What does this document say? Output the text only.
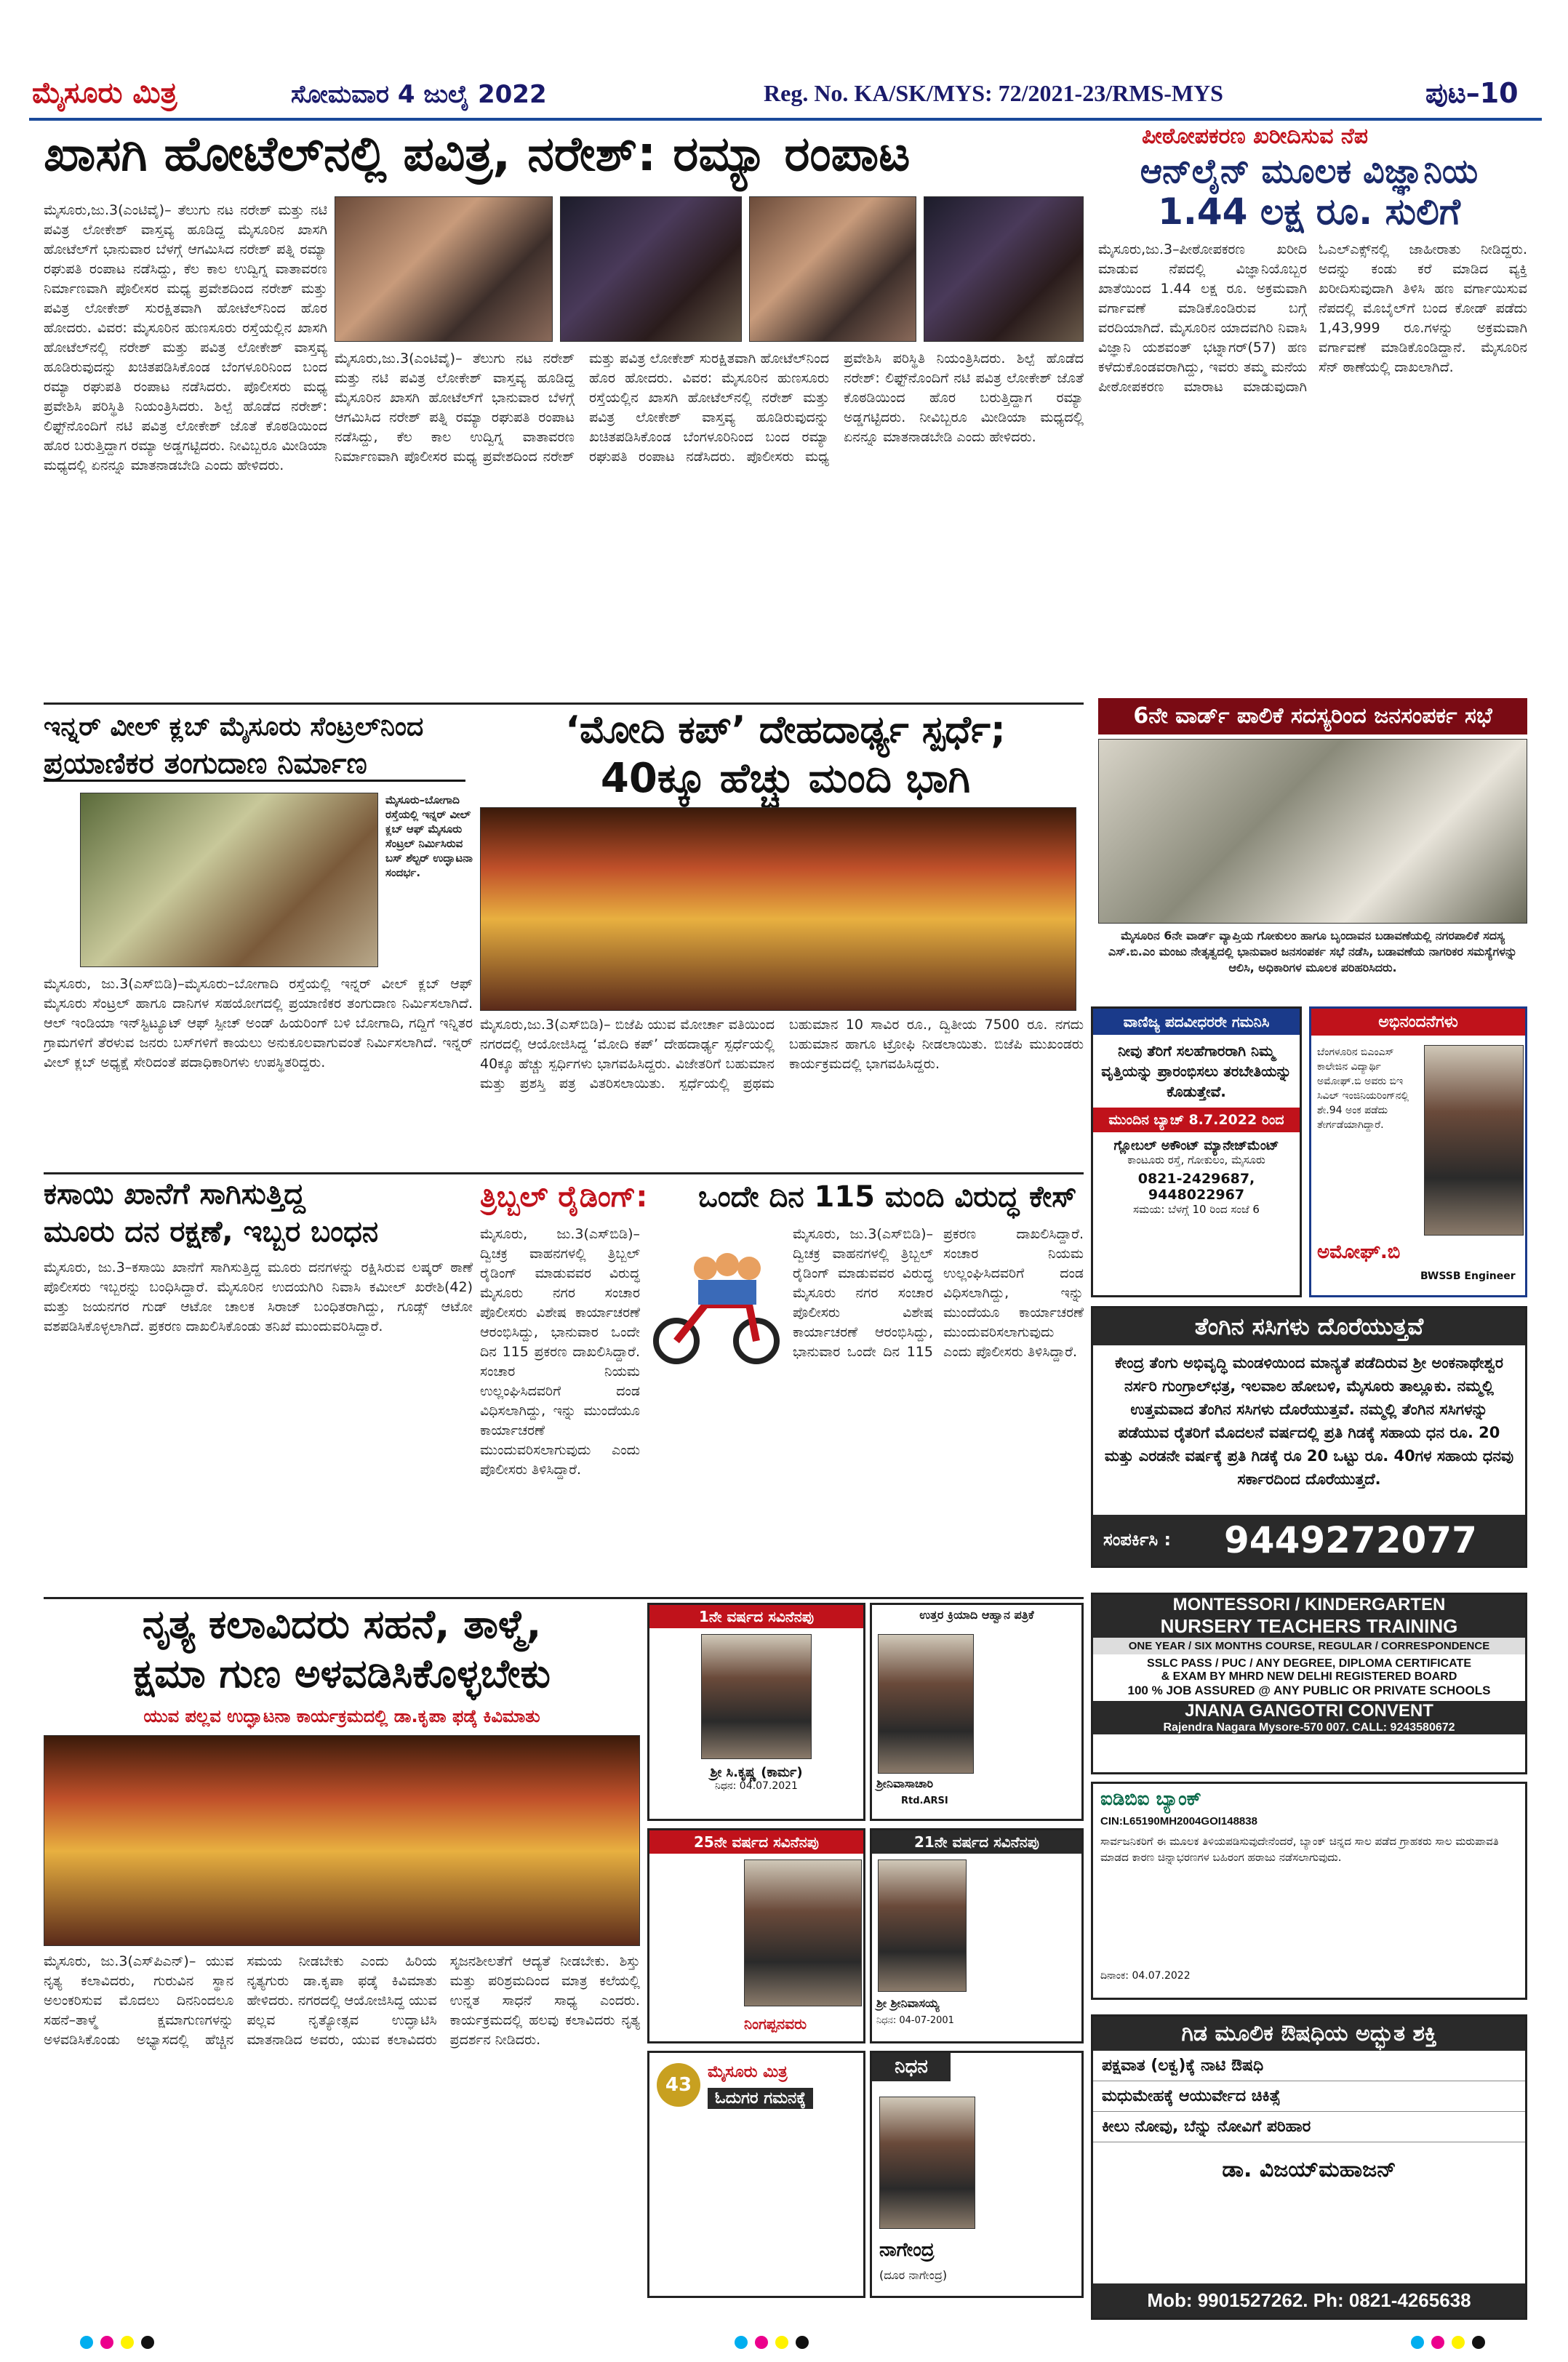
ಮೈಸೂರು ಮಿತ್ರ	ಸೋಮವಾರ 4 ಜುಲೈ 2022	Reg. No. KA/SK/MYS: 72/2021-23/RMS-MYS	ಪುಟ–10
ಖಾಸಗಿ ಹೋಟೆಲ್‌ನಲ್ಲಿ ಪವಿತ್ರ, ನರೇಶ್: ರಮ್ಯಾ ರಂಪಾಟ
ಮೈಸೂರು,ಜು.3(ಎಂಟಿವೈ)– ತೆಲುಗು ನಟ ನರೇಶ್ ಮತ್ತು ನಟಿ ಪವಿತ್ರ ಲೋಕೇಶ್ ವಾಸ್ತವ್ಯ ಹೂಡಿದ್ದ ಮೈಸೂರಿನ ಖಾಸಗಿ ಹೋಟೆಲ್‌ಗೆ ಭಾನುವಾರ ಬೆಳಗ್ಗೆ ಆಗಮಿಸಿದ ನರೇಶ್ ಪತ್ನಿ ರಮ್ಯಾ ರಘುಪತಿ ರಂಪಾಟ ನಡೆಸಿದ್ದು, ಕೆಲ ಕಾಲ ಉದ್ವಿಗ್ನ ವಾತಾವರಣ ನಿರ್ಮಾಣವಾಗಿ ಪೊಲೀಸರ ಮಧ್ಯ ಪ್ರವೇಶದಿಂದ ನರೇಶ್ ಮತ್ತು ಪವಿತ್ರ ಲೋಕೇಶ್ ಸುರಕ್ಷಿತವಾಗಿ ಹೋಟೆಲ್‌ನಿಂದ ಹೊರ ಹೋದರು. ವಿವರ: ಮೈಸೂರಿನ ಹುಣಸೂರು ರಸ್ತೆಯಲ್ಲಿನ ಖಾಸಗಿ ಹೋಟೆಲ್‌ನಲ್ಲಿ ನರೇಶ್ ಮತ್ತು ಪವಿತ್ರ ಲೋಕೇಶ್ ವಾಸ್ತವ್ಯ ಹೂಡಿರುವುದನ್ನು ಖಚಿತಪಡಿಸಿಕೊಂಡ ಬೆಂಗಳೂರಿನಿಂದ ಬಂದ ರಮ್ಯಾ ರಘುಪತಿ ರಂಪಾಟ ನಡೆಸಿದರು. ಪೊಲೀಸರು ಮಧ್ಯ ಪ್ರವೇಶಿಸಿ ಪರಿಸ್ಥಿತಿ ನಿಯಂತ್ರಿಸಿದರು. ಶಿಲ್ಪೆ ಹೊಡೆದ ನರೇಶ್: ಲಿಫ್ಟ್‌ನೊಂದಿಗೆ ನಟಿ ಪವಿತ್ರ ಲೋಕೇಶ್ ಜೊತೆ ಕೊಠಡಿಯಿಂದ ಹೊರ ಬರುತ್ತಿದ್ದಾಗ ರಮ್ಯಾ ಅಡ್ಡಗಟ್ಟಿದರು. ನೀವಿಬ್ಬರೂ ಮೀಡಿಯಾ ಮಧ್ಯದಲ್ಲಿ ಏನನ್ನೂ ಮಾತನಾಡಬೇಡಿ ಎಂದು ಹೇಳಿದರು.
ಮೈಸೂರು,ಜು.3(ಎಂಟಿವೈ)– ತೆಲುಗು ನಟ ನರೇಶ್ ಮತ್ತು ನಟಿ ಪವಿತ್ರ ಲೋಕೇಶ್ ವಾಸ್ತವ್ಯ ಹೂಡಿದ್ದ ಮೈಸೂರಿನ ಖಾಸಗಿ ಹೋಟೆಲ್‌ಗೆ ಭಾನುವಾರ ಬೆಳಗ್ಗೆ ಆಗಮಿಸಿದ ನರೇಶ್ ಪತ್ನಿ ರಮ್ಯಾ ರಘುಪತಿ ರಂಪಾಟ ನಡೆಸಿದ್ದು, ಕೆಲ ಕಾಲ ಉದ್ವಿಗ್ನ ವಾತಾವರಣ ನಿರ್ಮಾಣವಾಗಿ ಪೊಲೀಸರ ಮಧ್ಯ ಪ್ರವೇಶದಿಂದ ನರೇಶ್ ಮತ್ತು ಪವಿತ್ರ ಲೋಕೇಶ್ ಸುರಕ್ಷಿತವಾಗಿ ಹೋಟೆಲ್‌ನಿಂದ ಹೊರ ಹೋದರು. ವಿವರ: ಮೈಸೂರಿನ ಹುಣಸೂರು ರಸ್ತೆಯಲ್ಲಿನ ಖಾಸಗಿ ಹೋಟೆಲ್‌ನಲ್ಲಿ ನರೇಶ್ ಮತ್ತು ಪವಿತ್ರ ಲೋಕೇಶ್ ವಾಸ್ತವ್ಯ ಹೂಡಿರುವುದನ್ನು ಖಚಿತಪಡಿಸಿಕೊಂಡ ಬೆಂಗಳೂರಿನಿಂದ ಬಂದ ರಮ್ಯಾ ರಘುಪತಿ ರಂಪಾಟ ನಡೆಸಿದರು. ಪೊಲೀಸರು ಮಧ್ಯ ಪ್ರವೇಶಿಸಿ ಪರಿಸ್ಥಿತಿ ನಿಯಂತ್ರಿಸಿದರು. ಶಿಲ್ಪೆ ಹೊಡೆದ ನರೇಶ್: ಲಿಫ್ಟ್‌ನೊಂದಿಗೆ ನಟಿ ಪವಿತ್ರ ಲೋಕೇಶ್ ಜೊತೆ ಕೊಠಡಿಯಿಂದ ಹೊರ ಬರುತ್ತಿದ್ದಾಗ ರಮ್ಯಾ ಅಡ್ಡಗಟ್ಟಿದರು. ನೀವಿಬ್ಬರೂ ಮೀಡಿಯಾ ಮಧ್ಯದಲ್ಲಿ ಏನನ್ನೂ ಮಾತನಾಡಬೇಡಿ ಎಂದು ಹೇಳಿದರು.
ಪೀಠೋಪಕರಣ ಖರೀದಿಸುವ ನೆಪ
ಆನ್‌ಲೈನ್ ಮೂಲಕ ವಿಜ್ಞಾನಿಯ
1.44 ಲಕ್ಷ ರೂ. ಸುಲಿಗೆ
ಮೈಸೂರು,ಜು.3–ಪೀಠೋಪಕರಣ ಖರೀದಿ ಮಾಡುವ ನೆಪದಲ್ಲಿ ವಿಜ್ಞಾನಿಯೊಬ್ಬರ ಖಾತೆಯಿಂದ 1.44 ಲಕ್ಷ ರೂ. ಅಕ್ರಮವಾಗಿ ವರ್ಗಾವಣೆ ಮಾಡಿಕೊಂಡಿರುವ ಬಗ್ಗೆ ವರದಿಯಾಗಿದೆ. ಮೈಸೂರಿನ ಯಾದವಗಿರಿ ನಿವಾಸಿ ವಿಜ್ಞಾನಿ ಯಶವಂತ್ ಭಟ್ನಾಗರ್(57) ಹಣ ಕಳೆದುಕೊಂಡವರಾಗಿದ್ದು, ಇವರು ತಮ್ಮ ಮನೆಯ ಪೀಠೋಪಕರಣ ಮಾರಾಟ ಮಾಡುವುದಾಗಿ ಓಎಲ್‌ಎಕ್ಸ್‌ನಲ್ಲಿ ಜಾಹೀರಾತು ನೀಡಿದ್ದರು. ಅದನ್ನು ಕಂಡು ಕರೆ ಮಾಡಿದ ವ್ಯಕ್ತಿ ಖರೀದಿಸುವುದಾಗಿ ತಿಳಿಸಿ ಹಣ ವರ್ಗಾಯಿಸುವ ನೆಪದಲ್ಲಿ ಮೊಬೈಲ್‌ಗೆ ಬಂದ ಕೋಡ್ ಪಡೆದು 1,43,999 ರೂ.ಗಳನ್ನು ಅಕ್ರಮವಾಗಿ ವರ್ಗಾವಣೆ ಮಾಡಿಕೊಂಡಿದ್ದಾನೆ. ಮೈಸೂರಿನ ಸೆನ್ ಠಾಣೆಯಲ್ಲಿ ದಾಖಲಾಗಿದೆ.
6ನೇ ವಾರ್ಡ್ ಪಾಲಿಕೆ ಸದಸ್ಯರಿಂದ ಜನಸಂಪರ್ಕ ಸಭೆ
ಮೈಸೂರಿನ 6ನೇ ವಾರ್ಡ್ ವ್ಯಾಪ್ತಿಯ ಗೋಕುಲಂ ಹಾಗೂ ಬೃಂದಾವನ ಬಡಾವಣೆಯಲ್ಲಿ ನಗರಪಾಲಿಕೆ ಸದಸ್ಯ ಎಸ್.ಬಿ.ಎಂ ಮಂಜು ನೇತೃತ್ವದಲ್ಲಿ ಭಾನುವಾರ ಜನಸಂಪರ್ಕ ಸಭೆ ನಡೆಸಿ, ಬಡಾವಣೆಯ ನಾಗರಿಕರ ಸಮಸ್ಯೆಗಳನ್ನು ಆಲಿಸಿ, ಅಧಿಕಾರಿಗಳ ಮೂಲಕ ಪರಿಹರಿಸಿದರು.
ಇನ್ನರ್ ವೀಲ್ ಕ್ಲಬ್ ಮೈಸೂರು ಸೆಂಟ್ರಲ್‌ನಿಂದ
ಪ್ರಯಾಣಿಕರ ತಂಗುದಾಣ ನಿರ್ಮಾಣ
ಮೈಸೂರು–ಬೋಗಾದಿ ರಸ್ತೆಯಲ್ಲಿ ಇನ್ನರ್ ವೀಲ್ ಕ್ಲಬ್ ಆಫ್ ಮೈಸೂರು ಸೆಂಟ್ರಲ್ ನಿರ್ಮಿಸಿರುವ ಬಸ್ ಶೆಲ್ಟರ್ ಉದ್ಘಾಟನಾ ಸಂದರ್ಭ.
ಮೈಸೂರು, ಜು.3(ಎಸ್‌ಬಿಡಿ)–ಮೈಸೂರು–ಬೋಗಾದಿ ರಸ್ತೆಯಲ್ಲಿ ಇನ್ನರ್ ವೀಲ್ ಕ್ಲಬ್ ಆಫ್ ಮೈಸೂರು ಸೆಂಟ್ರಲ್ ಹಾಗೂ ದಾನಿಗಳ ಸಹಯೋಗದಲ್ಲಿ ಪ್ರಯಾಣಿಕರ ತಂಗುದಾಣ ನಿರ್ಮಿಸಲಾಗಿದೆ. ಆಲ್ ಇಂಡಿಯಾ ಇನ್‌ಸ್ಟಿಟ್ಯೂಟ್ ಆಫ್ ಸ್ಪೀಚ್ ಅಂಡ್ ಹಿಯರಿಂಗ್ ಬಳಿ ಬೋಗಾದಿ, ಗದ್ದಿಗೆ ಇನ್ನಿತರ ಗ್ರಾಮಗಳಿಗೆ ತೆರಳುವ ಜನರು ಬಸ್‌ಗಳಿಗೆ ಕಾಯಲು ಅನುಕೂಲವಾಗುವಂತೆ ನಿರ್ಮಿಸಲಾಗಿದೆ. ಇನ್ನರ್ ವೀಲ್ ಕ್ಲಬ್ ಅಧ್ಯಕ್ಷೆ ಸೇರಿದಂತೆ ಪದಾಧಿಕಾರಿಗಳು ಉಪಸ್ಥಿತರಿದ್ದರು.
‘ಮೋದಿ ಕಪ್’ ದೇಹದಾರ್ಢ್ಯ ಸ್ಪರ್ಧೆ;
40ಕ್ಕೂ ಹೆಚ್ಚು ಮಂದಿ ಭಾಗಿ
ಮೈಸೂರು,ಜು.3(ಎಸ್‌ಬಿಡಿ)– ಬಿಜೆಪಿ ಯುವ ಮೋರ್ಚಾ ವತಿಯಿಂದ ನಗರದಲ್ಲಿ ಆಯೋಜಿಸಿದ್ದ ‘ಮೋದಿ ಕಪ್’ ದೇಹದಾರ್ಢ್ಯ ಸ್ಪರ್ಧೆಯಲ್ಲಿ 40ಕ್ಕೂ ಹೆಚ್ಚು ಸ್ಪರ್ಧಿಗಳು ಭಾಗವಹಿಸಿದ್ದರು. ವಿಜೇತರಿಗೆ ಬಹುಮಾನ ಮತ್ತು ಪ್ರಶಸ್ತಿ ಪತ್ರ ವಿತರಿಸಲಾಯಿತು. ಸ್ಪರ್ಧೆಯಲ್ಲಿ ಪ್ರಥಮ ಬಹುಮಾನ 10 ಸಾವಿರ ರೂ., ದ್ವಿತೀಯ 7500 ರೂ. ನಗದು ಬಹುಮಾನ ಹಾಗೂ ಟ್ರೋಫಿ ನೀಡಲಾಯಿತು. ಬಿಜೆಪಿ ಮುಖಂಡರು ಕಾರ್ಯಕ್ರಮದಲ್ಲಿ ಭಾಗವಹಿಸಿದ್ದರು.
ಕಸಾಯಿ ಖಾನೆಗೆ ಸಾಗಿಸುತ್ತಿದ್ದ
ಮೂರು ದನ ರಕ್ಷಣೆ, ಇಬ್ಬರ ಬಂಧನ
ಮೈಸೂರು, ಜು.3–ಕಸಾಯಿ ಖಾನೆಗೆ ಸಾಗಿಸುತ್ತಿದ್ದ ಮೂರು ದನಗಳನ್ನು ರಕ್ಷಿಸಿರುವ ಲಷ್ಕರ್ ಠಾಣೆ ಪೊಲೀಸರು ಇಬ್ಬರನ್ನು ಬಂಧಿಸಿದ್ದಾರೆ. ಮೈಸೂರಿನ ಉದಯಗಿರಿ ನಿವಾಸಿ ಕಮೀಲ್ ಖರೇಶಿ(42) ಮತ್ತು ಜಯನಗರ ಗುಡ್ ಆಟೋ ಚಾಲಕ ಸಿರಾಜ್ ಬಂಧಿತರಾಗಿದ್ದು, ಗೂಡ್ಸ್ ಆಟೋ ವಶಪಡಿಸಿಕೊಳ್ಳಲಾಗಿದೆ. ಪ್ರಕರಣ ದಾಖಲಿಸಿಕೊಂಡು ತನಿಖೆ ಮುಂದುವರಿಸಿದ್ದಾರೆ.
ತ್ರಿಬ್ಬಲ್ ರೈಡಿಂಗ್: ಒಂದೇ ದಿನ 115 ಮಂದಿ ವಿರುದ್ಧ ಕೇಸ್
ಮೈಸೂರು, ಜು.3(ಎಸ್‌ಬಿಡಿ)– ದ್ವಿಚಕ್ರ ವಾಹನಗಳಲ್ಲಿ ತ್ರಿಬ್ಬಲ್ ರೈಡಿಂಗ್ ಮಾಡುವವರ ವಿರುದ್ಧ ಮೈಸೂರು ನಗರ ಸಂಚಾರ ಪೊಲೀಸರು ವಿಶೇಷ ಕಾರ್ಯಾಚರಣೆ ಆರಂಭಿಸಿದ್ದು, ಭಾನುವಾರ ಒಂದೇ ದಿನ 115 ಪ್ರಕರಣ ದಾಖಲಿಸಿದ್ದಾರೆ. ಸಂಚಾರ ನಿಯಮ ಉಲ್ಲಂಘಿಸಿದವರಿಗೆ ದಂಡ ವಿಧಿಸಲಾಗಿದ್ದು, ಇನ್ನು ಮುಂದೆಯೂ ಕಾರ್ಯಾಚರಣೆ ಮುಂದುವರಿಸಲಾಗುವುದು ಎಂದು ಪೊಲೀಸರು ತಿಳಿಸಿದ್ದಾರೆ.
ಮೈಸೂರು, ಜು.3(ಎಸ್‌ಬಿಡಿ)– ದ್ವಿಚಕ್ರ ವಾಹನಗಳಲ್ಲಿ ತ್ರಿಬ್ಬಲ್ ರೈಡಿಂಗ್ ಮಾಡುವವರ ವಿರುದ್ಧ ಮೈಸೂರು ನಗರ ಸಂಚಾರ ಪೊಲೀಸರು ವಿಶೇಷ ಕಾರ್ಯಾಚರಣೆ ಆರಂಭಿಸಿದ್ದು, ಭಾನುವಾರ ಒಂದೇ ದಿನ 115 ಪ್ರಕರಣ ದಾಖಲಿಸಿದ್ದಾರೆ. ಸಂಚಾರ ನಿಯಮ ಉಲ್ಲಂಘಿಸಿದವರಿಗೆ ದಂಡ ವಿಧಿಸಲಾಗಿದ್ದು, ಇನ್ನು ಮುಂದೆಯೂ ಕಾರ್ಯಾಚರಣೆ ಮುಂದುವರಿಸಲಾಗುವುದು ಎಂದು ಪೊಲೀಸರು ತಿಳಿಸಿದ್ದಾರೆ.
ವಾಣಿಜ್ಯ ಪದವೀಧರರೇ ಗಮನಿಸಿ
ನೀವು ತೆರಿಗೆ ಸಲಹೆಗಾರರಾಗಿ ನಿಮ್ಮ ವೃತ್ತಿಯನ್ನು ಪ್ರಾರಂಭಿಸಲು ತರಬೇತಿಯನ್ನು ಕೊಡುತ್ತೇವೆ.
ಮುಂದಿನ ಬ್ಯಾಚ್ 8.7.2022 ರಿಂದ
ಗ್ಲೋಬಲ್ ಅಕೌಂಟ್ ಮ್ಯಾನೇಜ್‌ಮೆಂಟ್
ಕಾಂಟೂರು ರಸ್ತೆ, ಗೋಕುಲಂ, ಮೈಸೂರು
0821-2429687, 9448022967
ಸಮಯ: ಬೆಳಗ್ಗೆ 10 ರಿಂದ ಸಂಜೆ 6
ಅಭಿನಂದನೆಗಳು
ಬೆಂಗಳೂರಿನ ಬಿಎಂಎಸ್ ಕಾಲೇಜಿನ ವಿದ್ಯಾರ್ಥಿ ಅಮೋಘ್.ಬಿ ಅವರು ಬಿಇ ಸಿವಿಲ್ ಇಂಜಿನಿಯರಿಂಗ್‌ನಲ್ಲಿ ಶೇ.94 ಅಂಕ ಪಡೆದು ತೇರ್ಗಡೆಯಾಗಿದ್ದಾರೆ.
ಅಮೋಘ್.ಬಿ
BWSSB Engineer
ತೆಂಗಿನ ಸಸಿಗಳು ದೊರೆಯುತ್ತವೆ
ಕೇಂದ್ರ ತೆಂಗು ಅಭಿವೃದ್ಧಿ ಮಂಡಳಿಯಿಂದ ಮಾನ್ಯತೆ ಪಡೆದಿರುವ ಶ್ರೀ ಅಂಕನಾಥೇಶ್ವರ ನರ್ಸರಿ ಗುಂಗ್ರಾಲ್‌ಛತ್ರ, ಇಲವಾಲ ಹೋಬಳಿ, ಮೈಸೂರು ತಾಲ್ಲೂಕು. ನಮ್ಮಲ್ಲಿ ಉತ್ತಮವಾದ ತೆಂಗಿನ ಸಸಿಗಳು ದೊರೆಯುತ್ತವೆ. ನಮ್ಮಲ್ಲಿ ತೆಂಗಿನ ಸಸಿಗಳನ್ನು ಪಡೆಯುವ ರೈತರಿಗೆ ಮೊದಲನೆ ವರ್ಷದಲ್ಲಿ ಪ್ರತಿ ಗಿಡಕ್ಕೆ ಸಹಾಯ ಧನ ರೂ. 20 ಮತ್ತು ಎರಡನೇ ವರ್ಷಕ್ಕೆ ಪ್ರತಿ ಗಿಡಕ್ಕೆ ರೂ 20 ಒಟ್ಟು ರೂ. 40ಗಳ ಸಹಾಯ ಧನವು ಸರ್ಕಾರದಿಂದ ದೊರೆಯುತ್ತದೆ.
ಸಂಪರ್ಕಿಸಿ : 9449272077
MONTESSORI / KINDERGARTEN
NURSERY TEACHERS TRAINING
ONE YEAR / SIX MONTHS COURSE, REGULAR / CORRESPONDENCE
SSLC PASS / PUC / ANY DEGREE, DIPLOMA CERTIFICATE
& EXAM BY MHRD NEW DELHI REGISTERED BOARD
100 % JOB ASSURED @ ANY PUBLIC OR PRIVATE SCHOOLS
JNANA GANGOTRI CONVENT
Rajendra Nagara Mysore-570 007. CALL: 9243580672
ಐಡಿಬಿಐ ಬ್ಯಾಂಕ್
CIN:L65190MH2004GOI148838
ಸಾರ್ವಜನಿಕರಿಗೆ ಈ ಮೂಲಕ ತಿಳಿಯಪಡಿಸುವುದೇನೆಂದರೆ, ಬ್ಯಾಂಕ್ ಚಿನ್ನದ ಸಾಲ ಪಡೆದ ಗ್ರಾಹಕರು ಸಾಲ ಮರುಪಾವತಿ ಮಾಡದ ಕಾರಣ ಚಿನ್ನಾಭರಣಗಳ ಬಹಿರಂಗ ಹರಾಜು ನಡೆಸಲಾಗುವುದು.
ದಿನಾಂಕ: 04.07.2022
ಗಿಡ ಮೂಲಿಕ ಔಷಧಿಯ ಅದ್ಭುತ ಶಕ್ತಿ
ಪಕ್ಷವಾತ (ಲಕ್ವ)ಕ್ಕೆ ನಾಟಿ ಔಷಧಿ
ಮಧುಮೇಹಕ್ಕೆ ಆಯುರ್ವೇದ ಚಿಕಿತ್ಸೆ
ಕೀಲು ನೋವು, ಬೆನ್ನು ನೋವಿಗೆ ಪರಿಹಾರ
ಡಾ. ವಿಜಯ್‌ಮಹಾಜನ್
Mob: 9901527262. Ph: 0821-4265638
ನೃತ್ಯ ಕಲಾವಿದರು ಸಹನೆ, ತಾಳ್ಮೆ,
ಕ್ಷಮಾ ಗುಣ ಅಳವಡಿಸಿಕೊಳ್ಳಬೇಕು
ಯುವ ಪಲ್ಲವ ಉದ್ಘಾಟನಾ ಕಾರ್ಯಕ್ರಮದಲ್ಲಿ ಡಾ.ಕೃಪಾ ಫಡ್ಕೆ ಕಿವಿಮಾತು
ಮೈಸೂರು, ಜು.3(ಎಸ್‌ಪಿಎನ್)– ಯುವ ನೃತ್ಯ ಕಲಾವಿದರು, ಗುರುವಿನ ಸ್ಥಾನ ಅಲಂಕರಿಸುವ ಮೊದಲು ದಿನನಿಂದಲೂ ಸಹನೆ–ತಾಳ್ಮೆ ಕ್ಷಮಾಗುಣಗಳನ್ನು ಅಳವಡಿಸಿಕೊಂಡು ಅಭ್ಯಾಸದಲ್ಲಿ ಹೆಚ್ಚಿನ ಸಮಯ ನೀಡಬೇಕು ಎಂದು ಹಿರಿಯ ನೃತ್ಯಗುರು ಡಾ.ಕೃಪಾ ಫಡ್ಕೆ ಕಿವಿಮಾತು ಹೇಳಿದರು. ನಗರದಲ್ಲಿ ಆಯೋಜಿಸಿದ್ದ ಯುವ ಪಲ್ಲವ ನೃತ್ಯೋತ್ಸವ ಉದ್ಘಾಟಿಸಿ ಮಾತನಾಡಿದ ಅವರು, ಯುವ ಕಲಾವಿದರು ಸೃಜನಶೀಲತೆಗೆ ಆದ್ಯತೆ ನೀಡಬೇಕು. ಶಿಸ್ತು ಮತ್ತು ಪರಿಶ್ರಮದಿಂದ ಮಾತ್ರ ಕಲೆಯಲ್ಲಿ ಉನ್ನತ ಸಾಧನೆ ಸಾಧ್ಯ ಎಂದರು. ಕಾರ್ಯಕ್ರಮದಲ್ಲಿ ಹಲವು ಕಲಾವಿದರು ನೃತ್ಯ ಪ್ರದರ್ಶನ ನೀಡಿದರು.
1ನೇ ವರ್ಷದ ಸವಿನೆನಪು
ಶ್ರೀ ಸಿ.ಕೃಷ್ಣ (ಕಾರ್ಮ)
ನಿಧನ: 04.07.2021
ಉತ್ತರ ಕ್ರಿಯಾದಿ ಆಹ್ವಾನ ಪತ್ರಿಕೆ
ಶ್ರೀನಿವಾಸಾಚಾರಿ
Rtd.ARSI
25ನೇ ವರ್ಷದ ಸವಿನೆನಪು
ನಿಂಗಪ್ಪನವರು
21ನೇ ವರ್ಷದ ಸವಿನೆನಪು
ಶ್ರೀ ಶ್ರೀನಿವಾಸಯ್ಯ
ನಿಧನ: 04-07-2001
43
ಮೈಸೂರು ಮಿತ್ರ
ಓದುಗರ ಗಮನಕ್ಕೆ
ನಿಧನ
ನಾಗೇಂದ್ರ
(ದೂರ ನಾಗೇಂದ್ರ)
